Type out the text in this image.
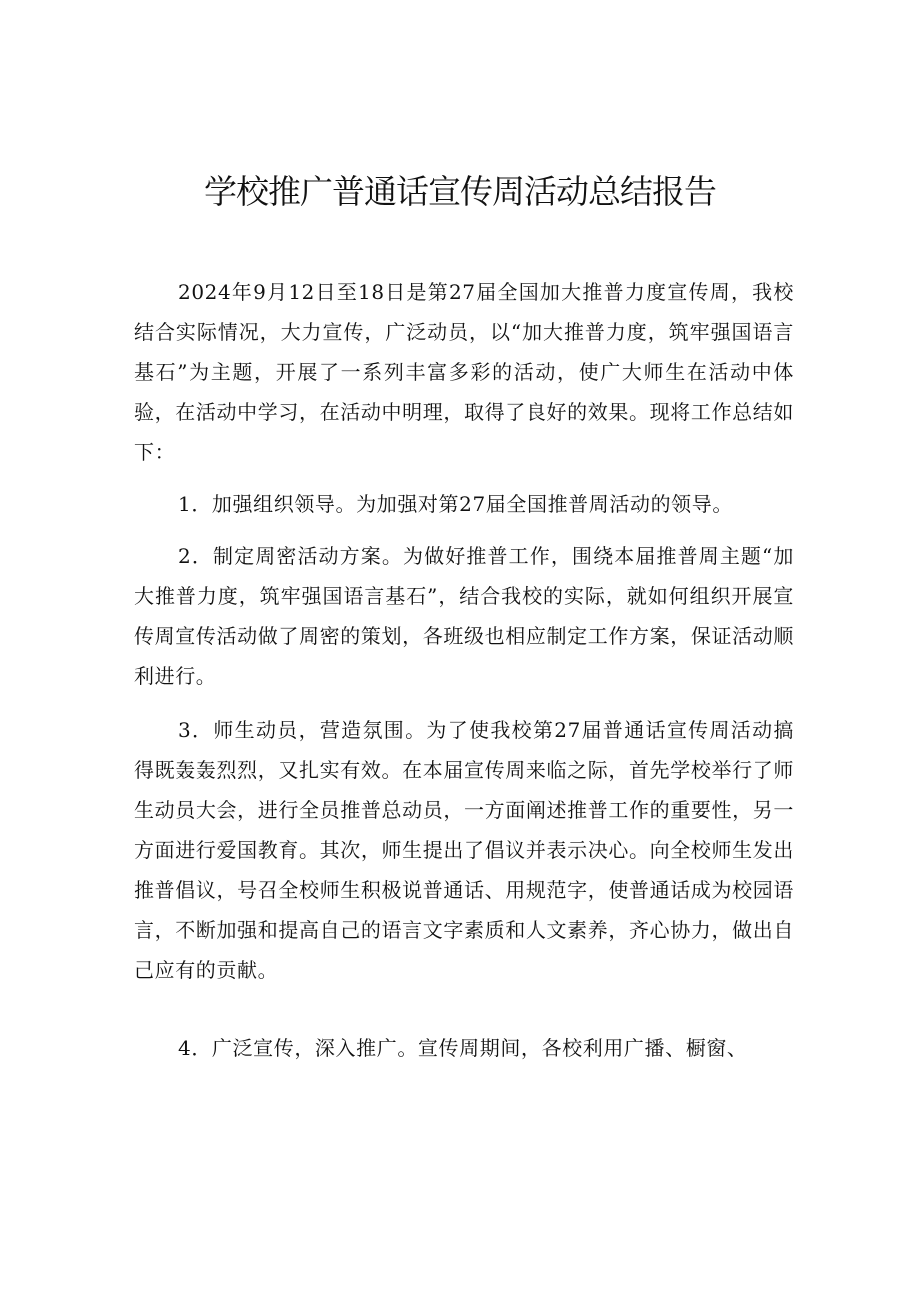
学校推广普通话宣传周活动总结报告

2024年9月12日至18日是第27届全国加大推普力度宣传周，我校结合实际情况，大力宣传，广泛动员，以“加大推普力度，筑牢强国语言基石”为主题，开展了一系列丰富多彩的活动，使广大师生在活动中体验，在活动中学习，在活动中明理，取得了良好的效果。现将工作总结如下：

1．加强组织领导。为加强对第27届全国推普周活动的领导。

2．制定周密活动方案。为做好推普工作，围绕本届推普周主题“加大推普力度，筑牢强国语言基石”，结合我校的实际，就如何组织开展宣传周宣传活动做了周密的策划，各班级也相应制定工作方案，保证活动顺利进行。

3．师生动员，营造氛围。为了使我校第27届普通话宣传周活动搞得既轰轰烈烈，又扎实有效。在本届宣传周来临之际，首先学校举行了师生动员大会，进行全员推普总动员，一方面阐述推普工作的重要性，另一方面进行爱国教育。其次，师生提出了倡议并表示决心。向全校师生发出推普倡议，号召全校师生积极说普通话、用规范字，使普通话成为校园语言，不断加强和提高自己的语言文字素质和人文素养，齐心协力，做出自己应有的贡献。

4．广泛宣传，深入推广。宣传周期间，各校利用广播、橱窗、
